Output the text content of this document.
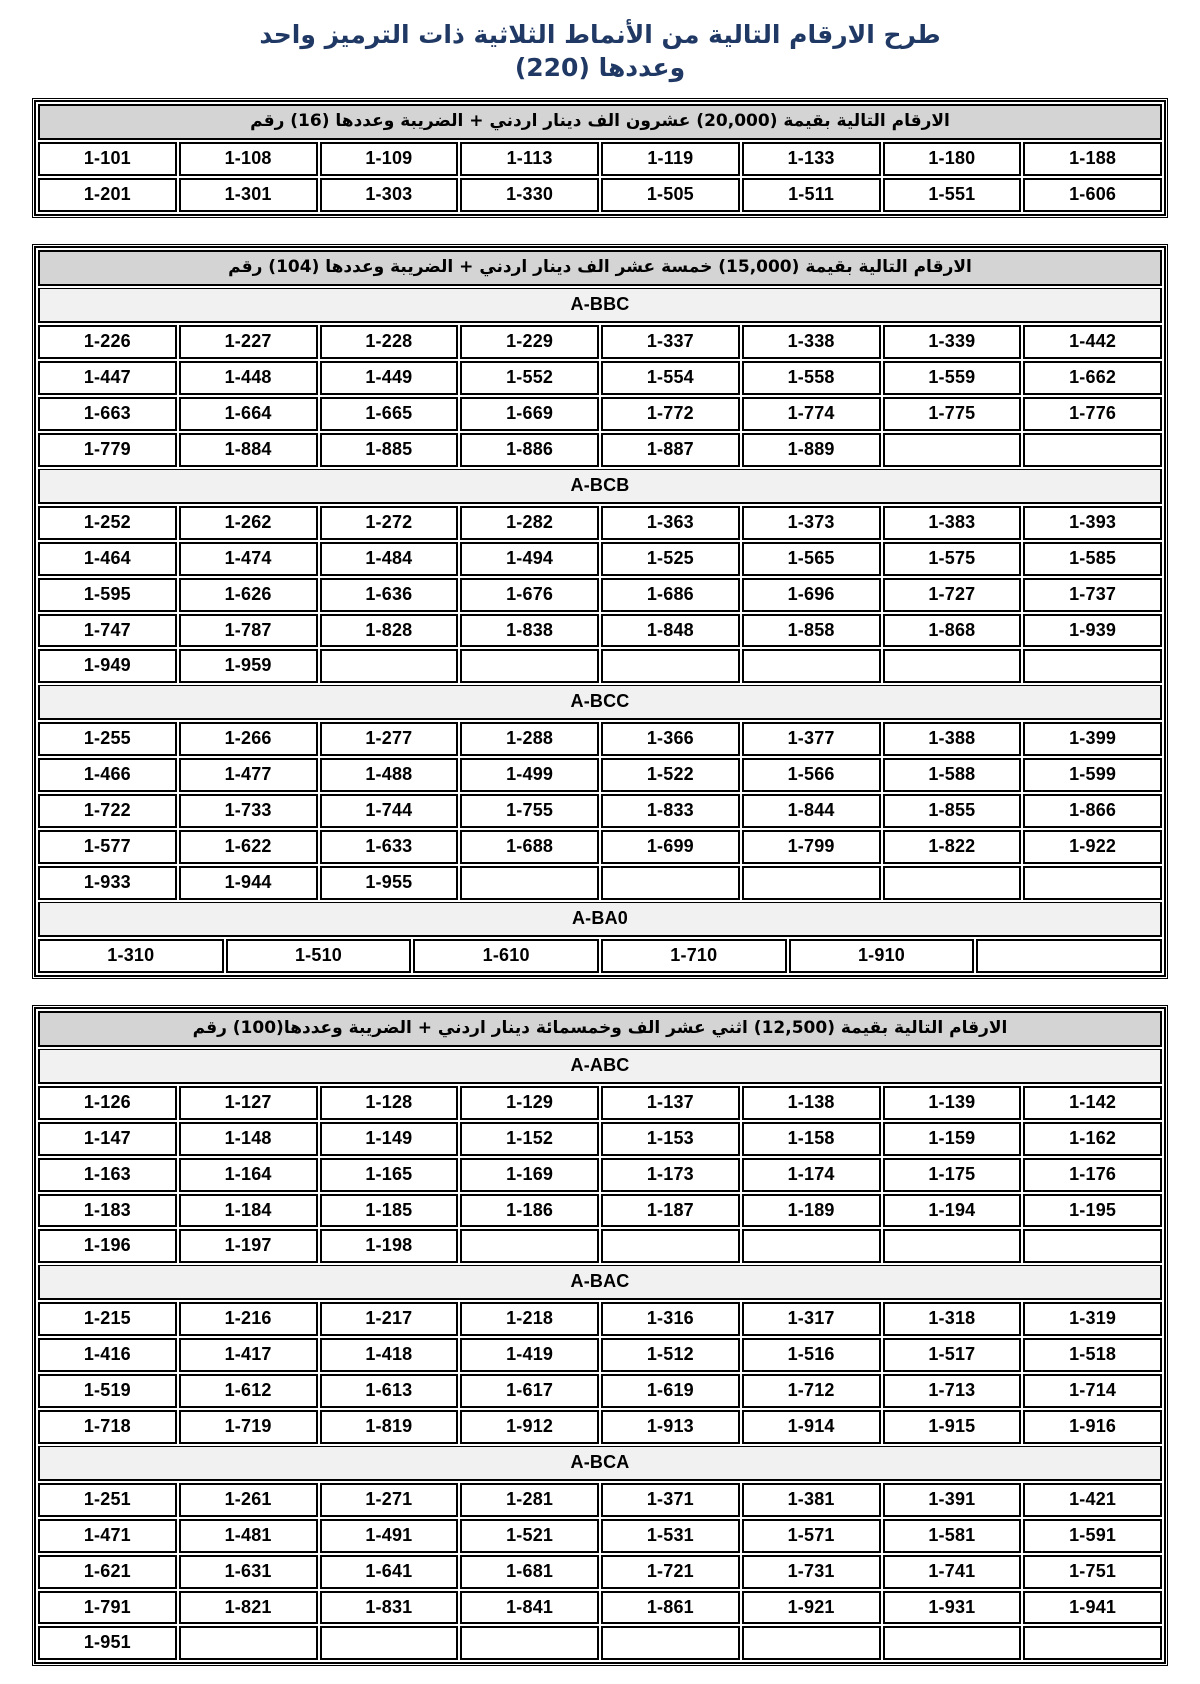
طرح الارقام التالية من الأنماط الثلاثية ذات الترميز واحد
وعددها (220)
الارقام التالية بقيمة (20,000) عشرون الف دينار اردني + الضريبة وعددها (16) رقم
1-101	1-108	1-109	1-113	1-119	1-133	1-180	1-188
1-201	1-301	1-303	1-330	1-505	1-511	1-551	1-606
الارقام التالية بقيمة (15,000) خمسة عشر الف دينار اردني + الضريبة وعددها (104) رقم
A-BBC
1-226	1-227	1-228	1-229	1-337	1-338	1-339	1-442
1-447	1-448	1-449	1-552	1-554	1-558	1-559	1-662
1-663	1-664	1-665	1-669	1-772	1-774	1-775	1-776
1-779	1-884	1-885	1-886	1-887	1-889

A-BCB
1-252	1-262	1-272	1-282	1-363	1-373	1-383	1-393
1-464	1-474	1-484	1-494	1-525	1-565	1-575	1-585
1-595	1-626	1-636	1-676	1-686	1-696	1-727	1-737
1-747	1-787	1-828	1-838	1-848	1-858	1-868	1-939
1-949	1-959

A-BCC
1-255	1-266	1-277	1-288	1-366	1-377	1-388	1-399
1-466	1-477	1-488	1-499	1-522	1-566	1-588	1-599
1-722	1-733	1-744	1-755	1-833	1-844	1-855	1-866
1-577	1-622	1-633	1-688	1-699	1-799	1-822	1-922
1-933	1-944	1-955

A-BA0
1-310	1-510	1-610	1-710	1-910

الارقام التالية بقيمة (12,500) اثني عشر الف وخمسمائة دينار اردني + الضريبة وعددها(100) رقم
A-ABC
1-126	1-127	1-128	1-129	1-137	1-138	1-139	1-142
1-147	1-148	1-149	1-152	1-153	1-158	1-159	1-162
1-163	1-164	1-165	1-169	1-173	1-174	1-175	1-176
1-183	1-184	1-185	1-186	1-187	1-189	1-194	1-195
1-196	1-197	1-198

A-BAC
1-215	1-216	1-217	1-218	1-316	1-317	1-318	1-319
1-416	1-417	1-418	1-419	1-512	1-516	1-517	1-518
1-519	1-612	1-613	1-617	1-619	1-712	1-713	1-714
1-718	1-719	1-819	1-912	1-913	1-914	1-915	1-916
A-BCA
1-251	1-261	1-271	1-281	1-371	1-381	1-391	1-421
1-471	1-481	1-491	1-521	1-531	1-571	1-581	1-591
1-621	1-631	1-641	1-681	1-721	1-731	1-741	1-751
1-791	1-821	1-831	1-841	1-861	1-921	1-931	1-941
1-951
